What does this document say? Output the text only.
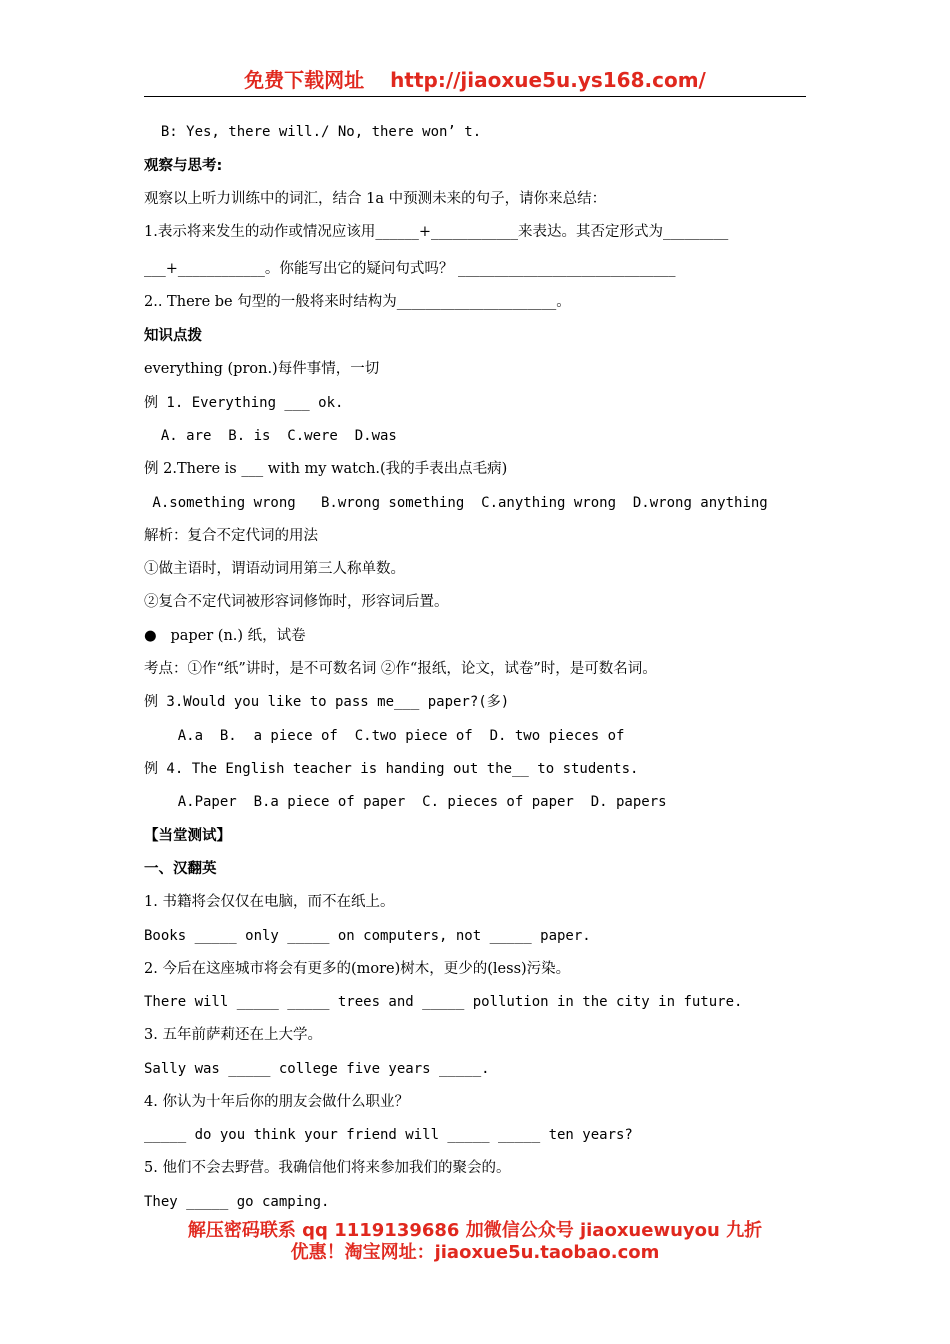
免费下载网址 http://jiaoxue5u.ys168.com/
B: Yes, there will./ No, there won’ t.
观察与思考:
观察以上听力训练中的词汇，结合 1a 中预测未来的句子，请你来总结：
1.表示将来发生的动作或情况应该用______+____________来表达。其否定形式为_________
___+____________。你能写出它的疑问句式吗？ ______________________________
2.. There be 句型的一般将来时结构为______________________。
知识点拨
everything (pron.)每件事情，一切
例 1. Everything ___ ok.
A. are  B. is  C.were  D.was
例 2.There is ___ with my watch.(我的手表出点毛病)
A.something wrong   B.wrong something  C.anything wrong  D.wrong anything
解析：复合不定代词的用法
①做主语时，谓语动词用第三人称单数。
②复合不定代词被形容词修饰时，形容词后置。
●   paper (n.) 纸，试卷
考点：①作“纸”讲时，是不可数名词 ②作“报纸，论文，试卷”时，是可数名词。
例 3.Would you like to pass me___ paper?(多)
A.a  B.  a piece of  C.two piece of  D. two pieces of
例 4. The English teacher is handing out the__ to students.
A.Paper  B.a piece of paper  C. pieces of paper  D. papers
【当堂测试】
一、汉翻英
1. 书籍将会仅仅在电脑，而不在纸上。
Books _____ only _____ on computers, not _____ paper.
2. 今后在这座城市将会有更多的(more)树木，更少的(less)污染。
There will _____ _____ trees and _____ pollution in the city in future.
3. 五年前萨莉还在上大学。
Sally was _____ college five years _____.
4. 你认为十年后你的朋友会做什么职业？
_____ do you think your friend will _____ _____ ten years?
5. 他们不会去野营。我确信他们将来参加我们的聚会的。
They _____ go camping.
解压密码联系 qq 1119139686 加微信公众号 jiaoxuewuyou 九折
优惠！淘宝网址：jiaoxue5u.taobao.com
